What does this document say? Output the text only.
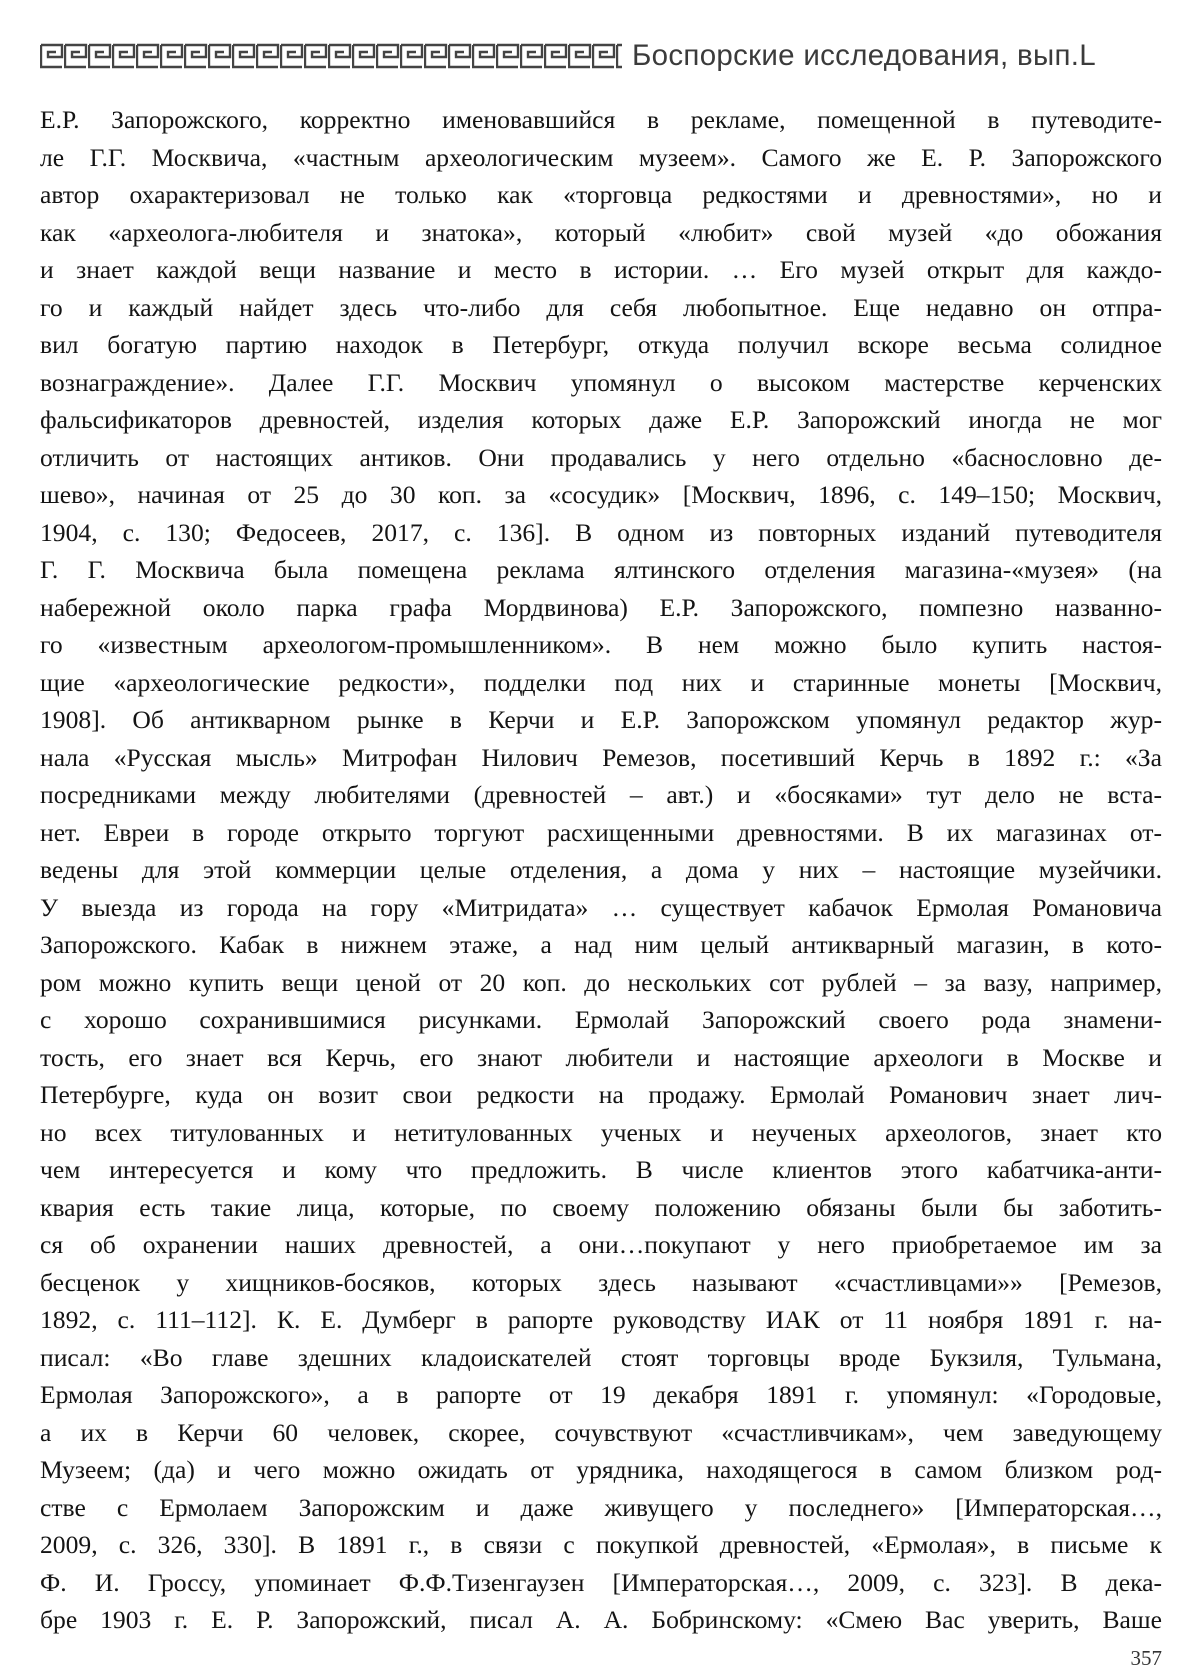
Боспорские исследования, вып.L
Е.Р. Запорожского, корректно именовавшийся в рекламе, помещенной в путеводите-
ле Г.Г. Москвича, «частным археологическим музеем». Самого же Е. Р. Запорожского
автор охарактеризовал не только как «торговца редкостями и древностями», но и
как «археолога-любителя и знатока», который «любит» свой музей «до обожания
и знает каждой вещи название и место в истории. … Его музей открыт для каждо-
го и каждый найдет здесь что-либо для себя любопытное. Еще недавно он отпра-
вил богатую партию находок в Петербург, откуда получил вскоре весьма солидное
вознаграждение». Далее Г.Г. Москвич упомянул о высоком мастерстве керченских
фальсификаторов древностей, изделия которых даже Е.Р. Запорожский иногда не мог
отличить от настоящих антиков. Они продавались у него отдельно «баснословно де-
шево», начиная от 25 до 30 коп. за «сосудик» [Москвич, 1896, с. 149–150; Москвич,
1904, с. 130; Федосеев, 2017, с. 136]. В одном из повторных изданий путеводителя
Г. Г. Москвича была помещена реклама ялтинского отделения магазина-«музея» (на
набережной около парка графа Мордвинова) Е.Р. Запорожского, помпезно названно-
го «известным археологом-промышленником». В нем можно было купить настоя-
щие «археологические редкости», подделки под них и старинные монеты [Москвич,
1908]. Об антикварном рынке в Керчи и Е.Р. Запорожском упомянул редактор жур-
нала «Русская мысль» Митрофан Нилович Ремезов, посетивший Керчь в 1892 г.: «За
посредниками между любителями (древностей – авт.) и «босяками» тут дело не вста-
нет. Евреи в городе открыто торгуют расхищенными древностями. В их магазинах от-
ведены для этой коммерции целые отделения, а дома у них – настоящие музейчики.
У выезда из города на гору «Митридата» … существует кабачок Ермолая Романовича
Запорожского. Кабак в нижнем этаже, а над ним целый антикварный магазин, в кото-
ром можно купить вещи ценой от 20 коп. до нескольких сот рублей – за вазу, например,
с хорошо сохранившимися рисунками. Ермолай Запорожский своего рода знамени-
тость, его знает вся Керчь, его знают любители и настоящие археологи в Москве и
Петербурге, куда он возит свои редкости на продажу. Ермолай Романович знает лич-
но всех титулованных и нетитулованных ученых и неученых археологов, знает кто
чем интересуется и кому что предложить. В числе клиентов этого кабатчика-анти-
квария есть такие лица, которые, по своему положению обязаны были бы заботить-
ся об охранении наших древностей, а они…покупают у него приобретаемое им за
бесценок у хищников-босяков, которых здесь называют «счастливцами»» [Ремезов,
1892, с. 111–112]. К. Е. Думберг в рапорте руководству ИАК от 11 ноября 1891 г. на-
писал: «Во главе здешних кладоискателей стоят торговцы вроде Букзиля, Тульмана,
Ермолая Запорожского», а в рапорте от 19 декабря 1891 г. упомянул: «Городовые,
а их в Керчи 60 человек, скорее, сочувствуют «счастливчикам», чем заведующему
Музеем; (да) и чего можно ожидать от урядника, находящегося в самом близком род-
стве с Ермолаем Запорожским и даже живущего у последнего» [Императорская…,
2009, с. 326, 330]. В 1891 г., в связи с покупкой древностей, «Ермолая», в письме к
Ф. И. Гроссу, упоминает Ф.Ф.Тизенгаузен [Императорская…, 2009, с. 323]. В дека-
бре 1903 г. Е. Р. Запорожский, писал А. А. Бобринскому: «Смею Вас уверить, Ваше
357
